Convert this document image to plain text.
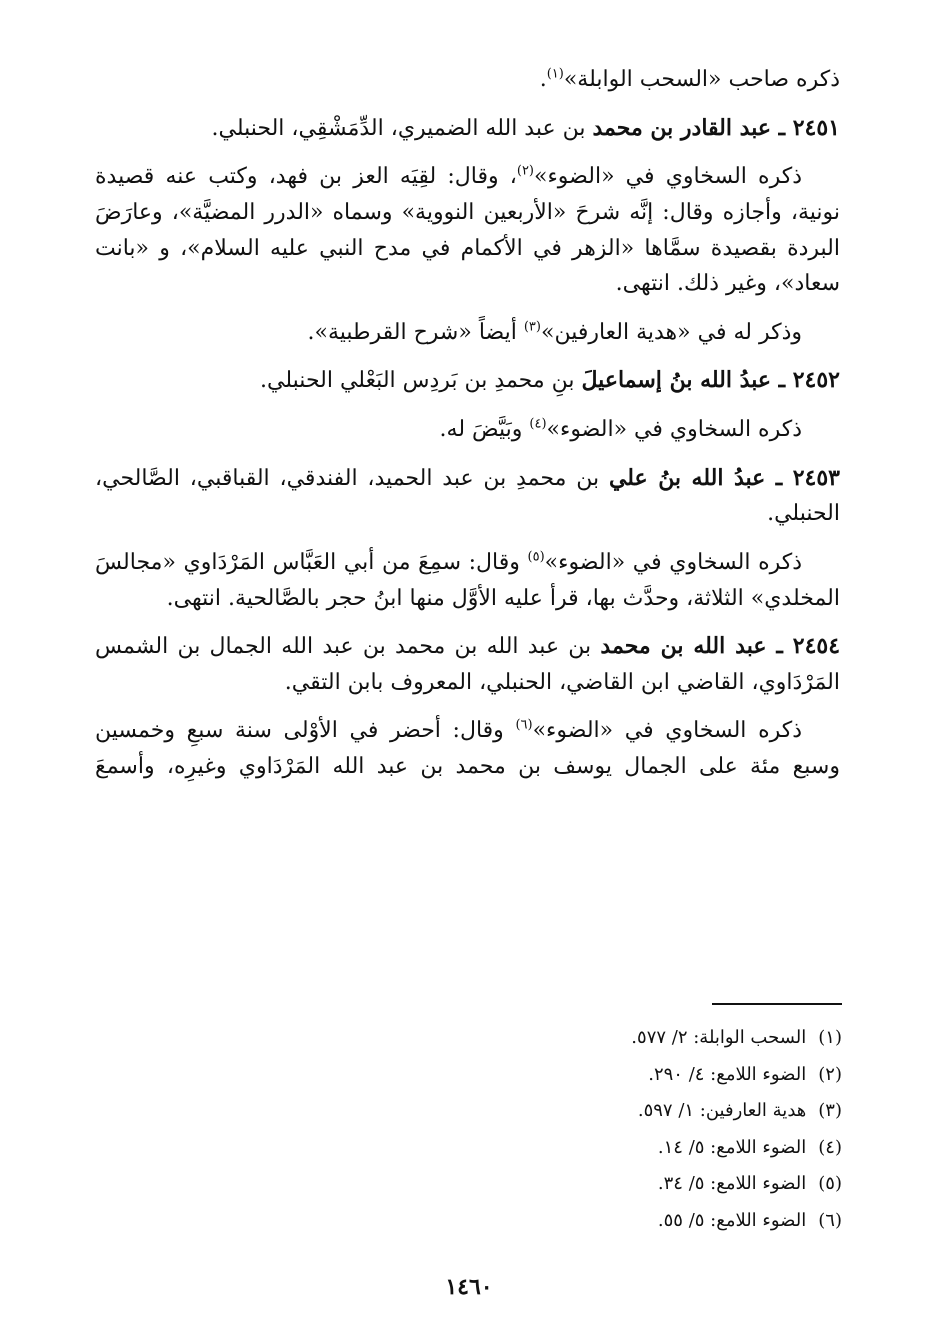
ذكره صاحب «السحب الوابلة»$^{(١)}$.

٢٤٥١ ـ عبد القادر بن محمد بن عبد الله الضميري، الدِّمَشْقِي، الحنبلي.

ذكره السخاوي في «الضوء»$^{(٢)}$، وقال: لقِيَه العز بن فهد، وكتب عنه قصيدة نونية، وأجازه وقال: إنَّه شرحَ «الأربعين النووية» وسماه «الدرر المضيَّة»، وعارَضَ البردة بقصيدة سمَّاها «الزهر في الأكمام في مدح النبي عليه السلام»، و «بانت سعاد»، وغير ذلك. انتهى.

وذكر له في «هدية العارفين»$^{(٣)}$ أيضاً «شرح القرطبية».

٢٤٥٢ ـ عبدُ الله بنُ إسماعيلَ بنِ محمدِ بن بَردِس البَعْلي الحنبلي.

ذكره السخاوي في «الضوء»$^{(٤)}$ وبَيَّضَ له.

٢٤٥٣ ـ عبدُ الله بنُ علي بن محمدِ بن عبد الحميد، الفندقي، القباقبي، الصَّالحي، الحنبلي.

ذكره السخاوي في «الضوء»$^{(٥)}$ وقال: سمِعَ من أبي العَبَّاس المَرْدَاوي «مجالسَ المخلدي» الثلاثة، وحدَّث بها، قرأ عليه الأوَّل منها ابنُ حجر بالصَّالحية. انتهى.

٢٤٥٤ ـ عبد الله بن محمد بن عبد الله بن محمد بن عبد الله الجمال بن الشمس المَرْدَاوي، القاضي ابن القاضي، الحنبلي، المعروف بابن التقي.

ذكره السخاوي في «الضوء»$^{(٦)}$ وقال: أحضر في الأوْلى سنة سبعِ وخمسين وسبع مئة على الجمال يوسف بن محمد بن عبد الله المَرْدَاوي وغيرِه، وأسمعَ

(١) السحب الوابلة: ٢/ ٥٧٧.
(٢) الضوء اللامع: ٤/ ٢٩٠.
(٣) هدية العارفين: ١/ ٥٩٧.
(٤) الضوء اللامع: ٥/ ١٤.
(٥) الضوء اللامع: ٥/ ٣٤.
(٦) الضوء اللامع: ٥/ ٥٥.
١٤٦٠
